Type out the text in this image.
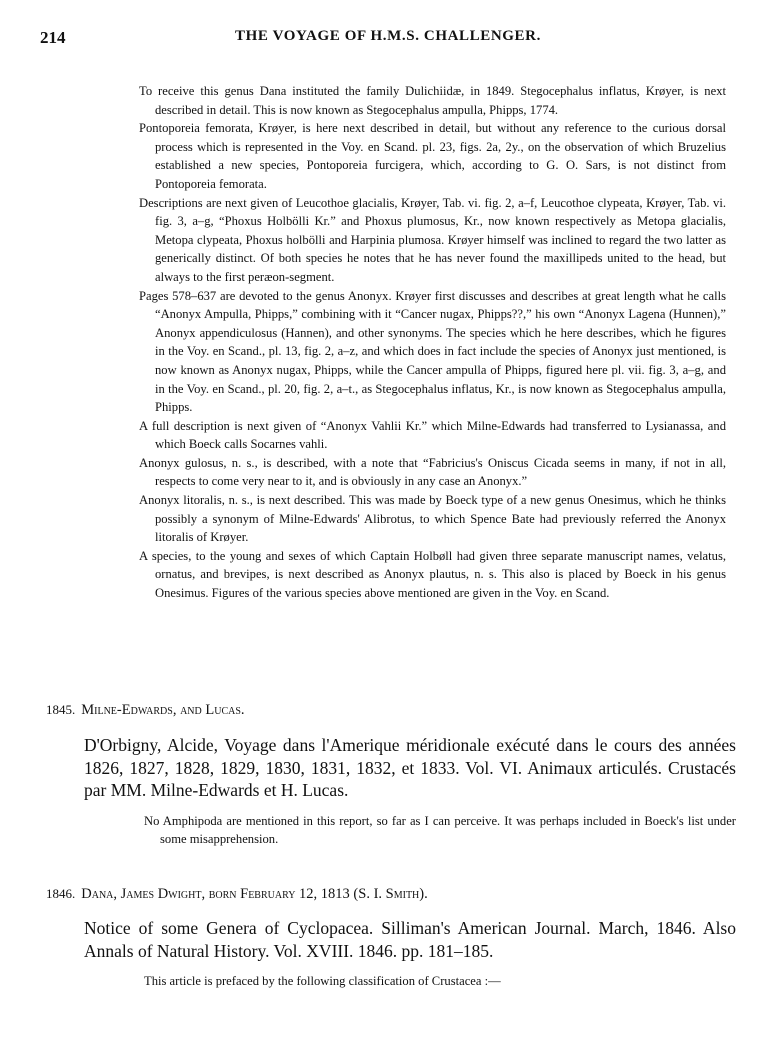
214	THE VOYAGE OF H.M.S. CHALLENGER.

To receive this genus Dana instituted the family Dulichiidæ, in 1849. Stegocephalus inflatus, Krøyer, is next described in detail. This is now known as Stegocephalus ampulla, Phipps, 1774.

Pontoporeia femorata, Krøyer, is here next described in detail, but without any reference to the curious dorsal process which is represented in the Voy. en Scand. pl. 23, figs. 2a, 2y., on the observation of which Bruzelius established a new species, Pontoporeia furcigera, which, according to G. O. Sars, is not distinct from Pontoporeia femorata.

Descriptions are next given of Leucothoe glacialis, Krøyer, Tab. vi. fig. 2, a–f, Leucothoe clypeata, Krøyer, Tab. vi. fig. 3, a–g, “Phoxus Holbölli Kr.” and Phoxus plumosus, Kr., now known respectively as Metopa glacialis, Metopa clypeata, Phoxus holbölli and Harpinia plumosa. Krøyer himself was inclined to regard the two latter as generically distinct. Of both species he notes that he has never found the maxillipeds united to the head, but always to the first peræon-segment.

Pages 578–637 are devoted to the genus Anonyx. Krøyer first discusses and describes at great length what he calls “Anonyx Ampulla, Phipps,” combining with it “Cancer nugax, Phipps??,” his own “Anonyx Lagena (Hunnen),” Anonyx appendiculosus (Hannen), and other synonyms. The species which he here describes, which he figures in the Voy. en Scand., pl. 13, fig. 2, a–z, and which does in fact include the species of Anonyx just mentioned, is now known as Anonyx nugax, Phipps, while the Cancer ampulla of Phipps, figured here pl. vii. fig. 3, a–g, and in the Voy. en Scand., pl. 20, fig. 2, a–t., as Stegocephalus inflatus, Kr., is now known as Stegocephalus ampulla, Phipps.

A full description is next given of “Anonyx Vahlii Kr.” which Milne-Edwards had transferred to Lysianassa, and which Boeck calls Socarnes vahli.

Anonyx gulosus, n. s., is described, with a note that “Fabricius's Oniscus Cicada seems in many, if not in all, respects to come very near to it, and is obviously in any case an Anonyx.”

Anonyx litoralis, n. s., is next described. This was made by Boeck type of a new genus Onesimus, which he thinks possibly a synonym of Milne-Edwards' Alibrotus, to which Spence Bate had previously referred the Anonyx litoralis of Krøyer.

A species, to the young and sexes of which Captain Holbøll had given three separate manuscript names, velatus, ornatus, and brevipes, is next described as Anonyx plautus, n. s. This also is placed by Boeck in his genus Onesimus. Figures of the various species above mentioned are given in the Voy. en Scand.

1845. Milne-Edwards, and Lucas.

D'Orbigny, Alcide, Voyage dans l'Amerique méridionale exécuté dans le cours des années 1826, 1827, 1828, 1829, 1830, 1831, 1832, et 1833. Vol. VI. Animaux articulés. Crustacés par MM. Milne-Edwards et H. Lucas.

No Amphipoda are mentioned in this report, so far as I can perceive. It was perhaps included in Boeck's list under some misapprehension.

1846. Dana, James Dwight, born February 12, 1813 (S. I. Smith).

Notice of some Genera of Cyclopacea. Silliman's American Journal. March, 1846. Also Annals of Natural History. Vol. XVIII. 1846. pp. 181–185.

This article is prefaced by the following classification of Crustacea :—
